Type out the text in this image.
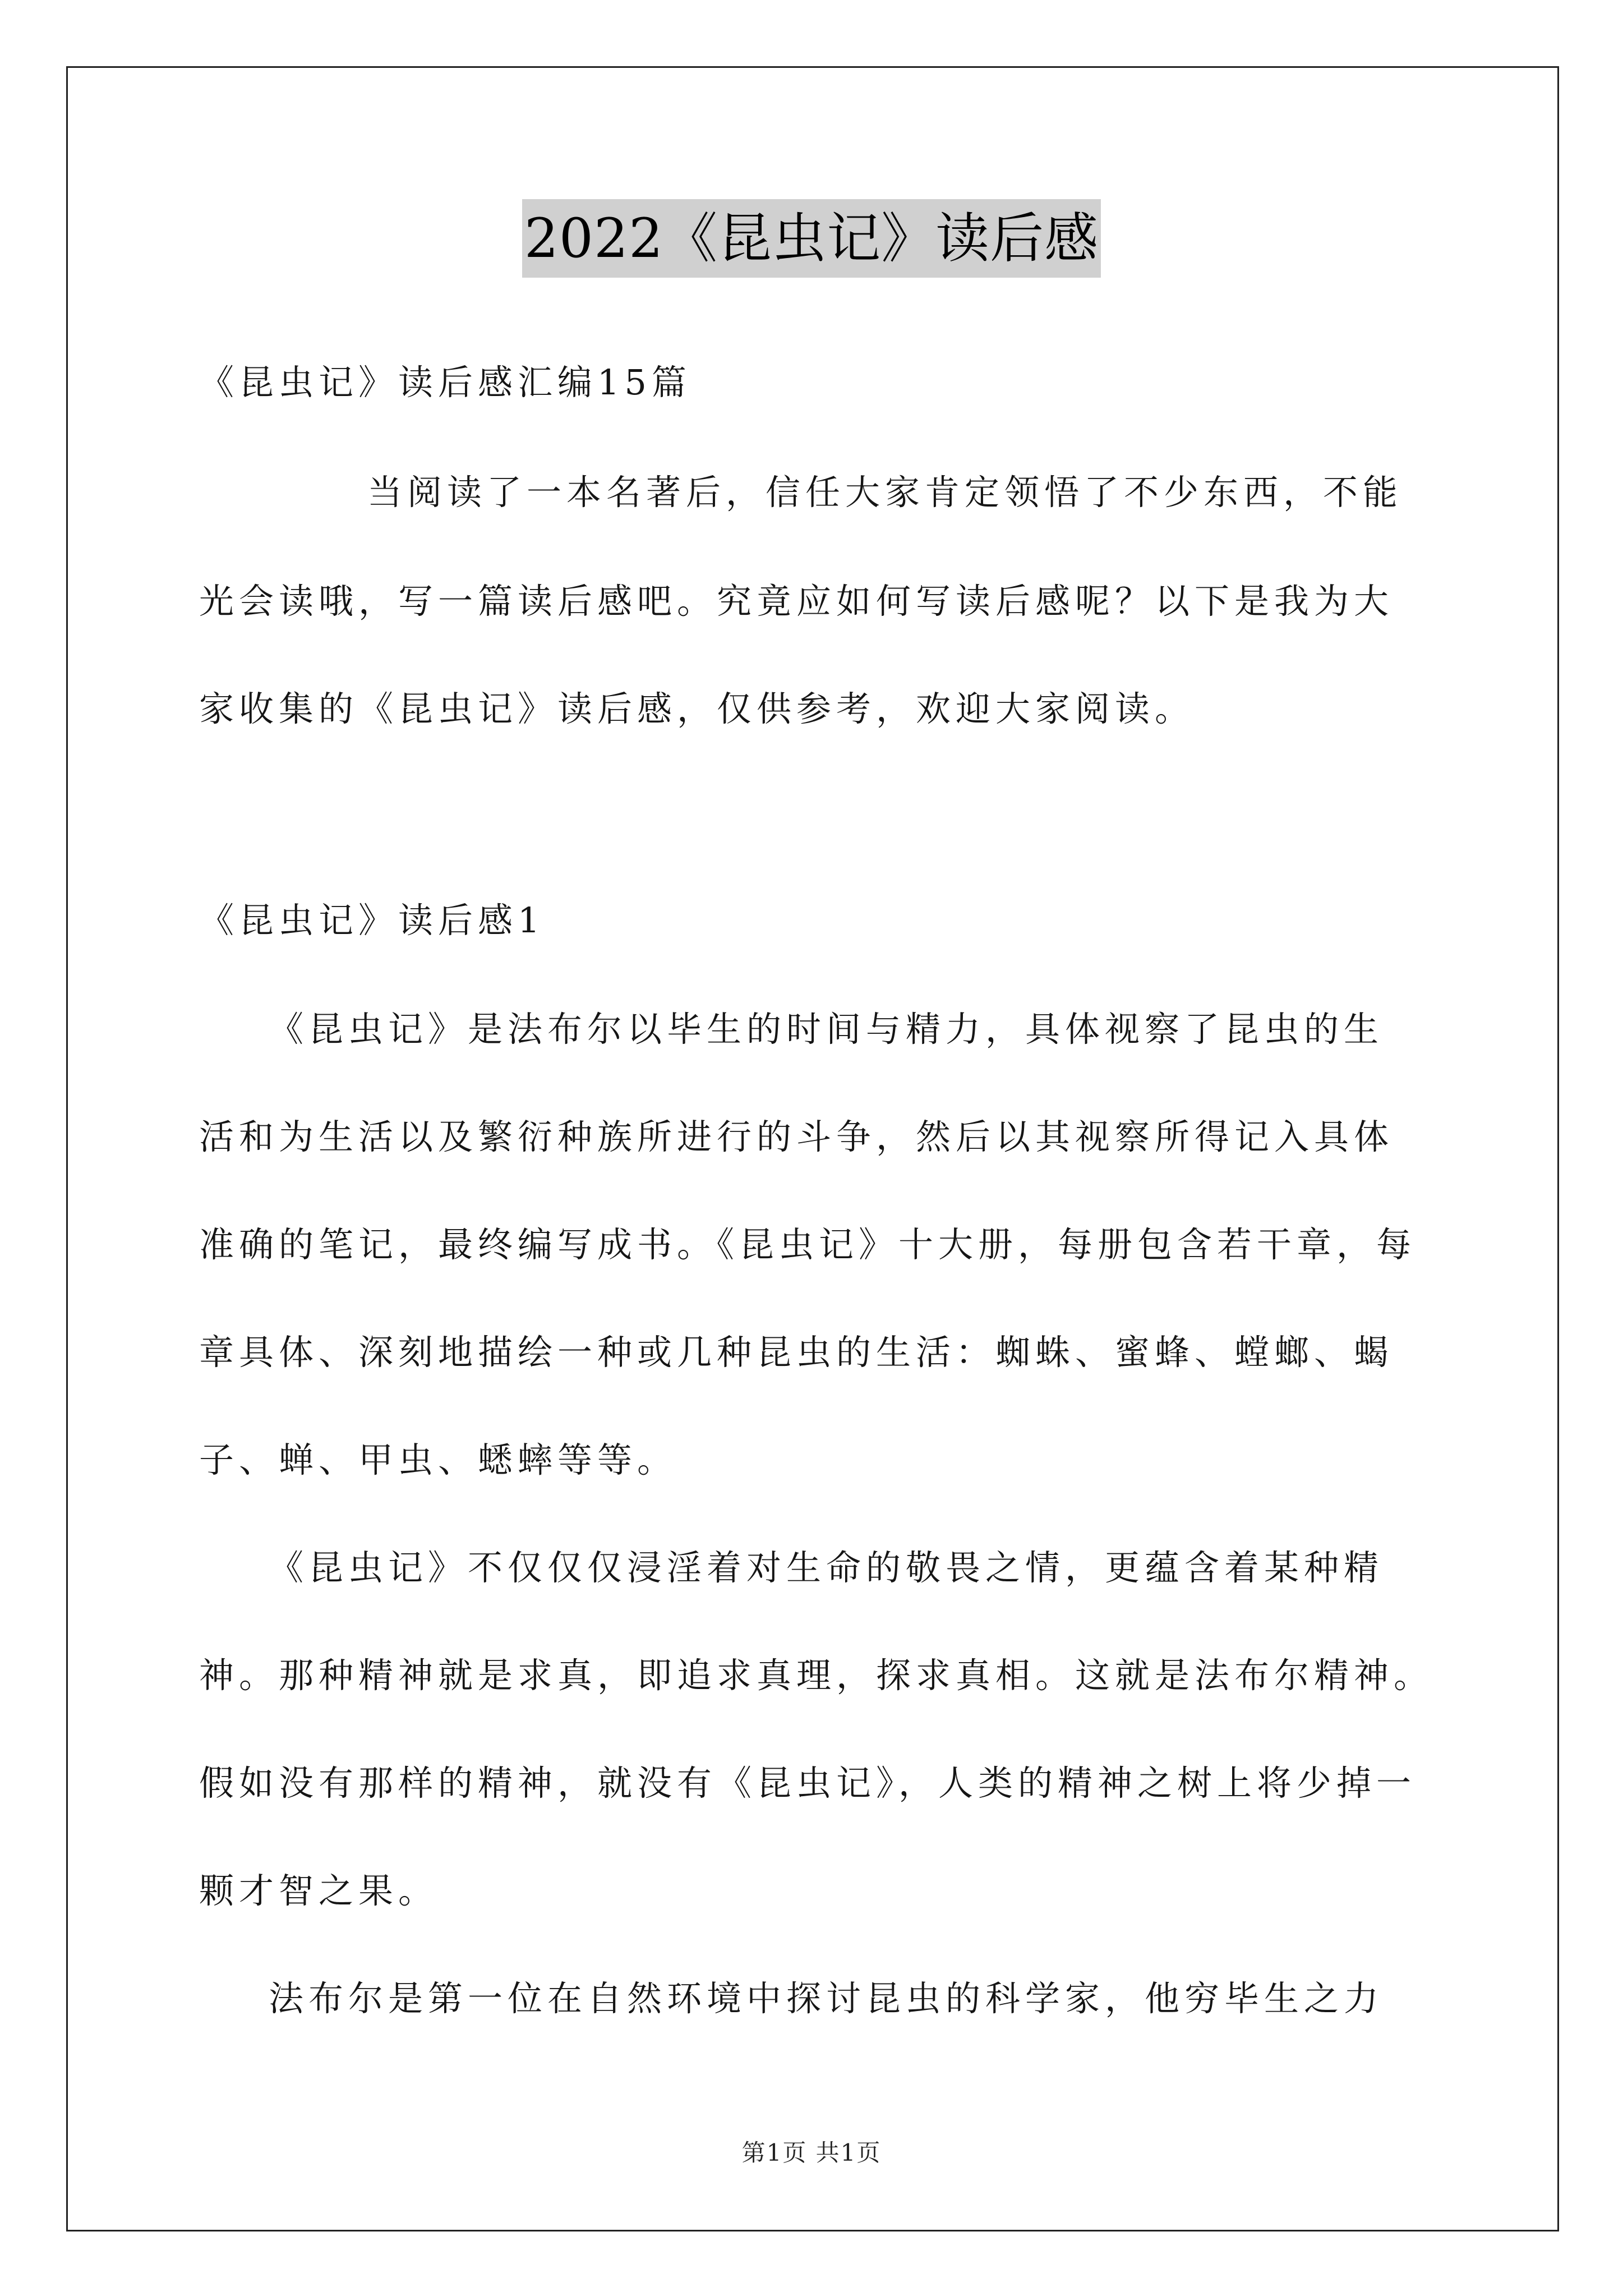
2022《昆虫记》读后感
《昆虫记》读后感汇编15篇
当阅读了一本名著后，信任大家肯定领悟了不少东西，不能
光会读哦，写一篇读后感吧。究竟应如何写读后感呢？以下是我为大
家收集的《昆虫记》读后感，仅供参考，欢迎大家阅读。
《昆虫记》读后感1
《昆虫记》是法布尔以毕生的时间与精力，具体视察了昆虫的生
活和为生活以及繁衍种族所进行的斗争，然后以其视察所得记入具体
准确的笔记，最终编写成书。《昆虫记》十大册，每册包含若干章，每
章具体、深刻地描绘一种或几种昆虫的生活：蜘蛛、蜜蜂、螳螂、蝎
子、蝉、甲虫、蟋蟀等等。
《昆虫记》不仅仅仅浸淫着对生命的敬畏之情，更蕴含着某种精
神。那种精神就是求真，即追求真理，探求真相。这就是法布尔精神。
假如没有那样的精神，就没有《昆虫记》，人类的精神之树上将少掉一
颗才智之果。
法布尔是第一位在自然环境中探讨昆虫的科学家，他穷毕生之力
第1页 共1页
